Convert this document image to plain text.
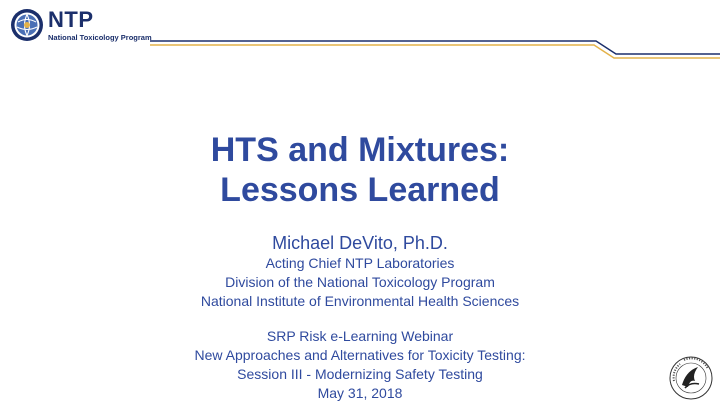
NTP
National Toxicology Program
HTS and Mixtures:
Lessons Learned
Michael DeVito, Ph.D.
Acting Chief NTP Laboratories
Division of the National Toxicology Program
National Institute of Environmental Health Sciences
SRP Risk e-Learning Webinar
New Approaches and Alternatives for Toxicity Testing:
Session III - Modernizing Safety Testing
May 31, 2018
